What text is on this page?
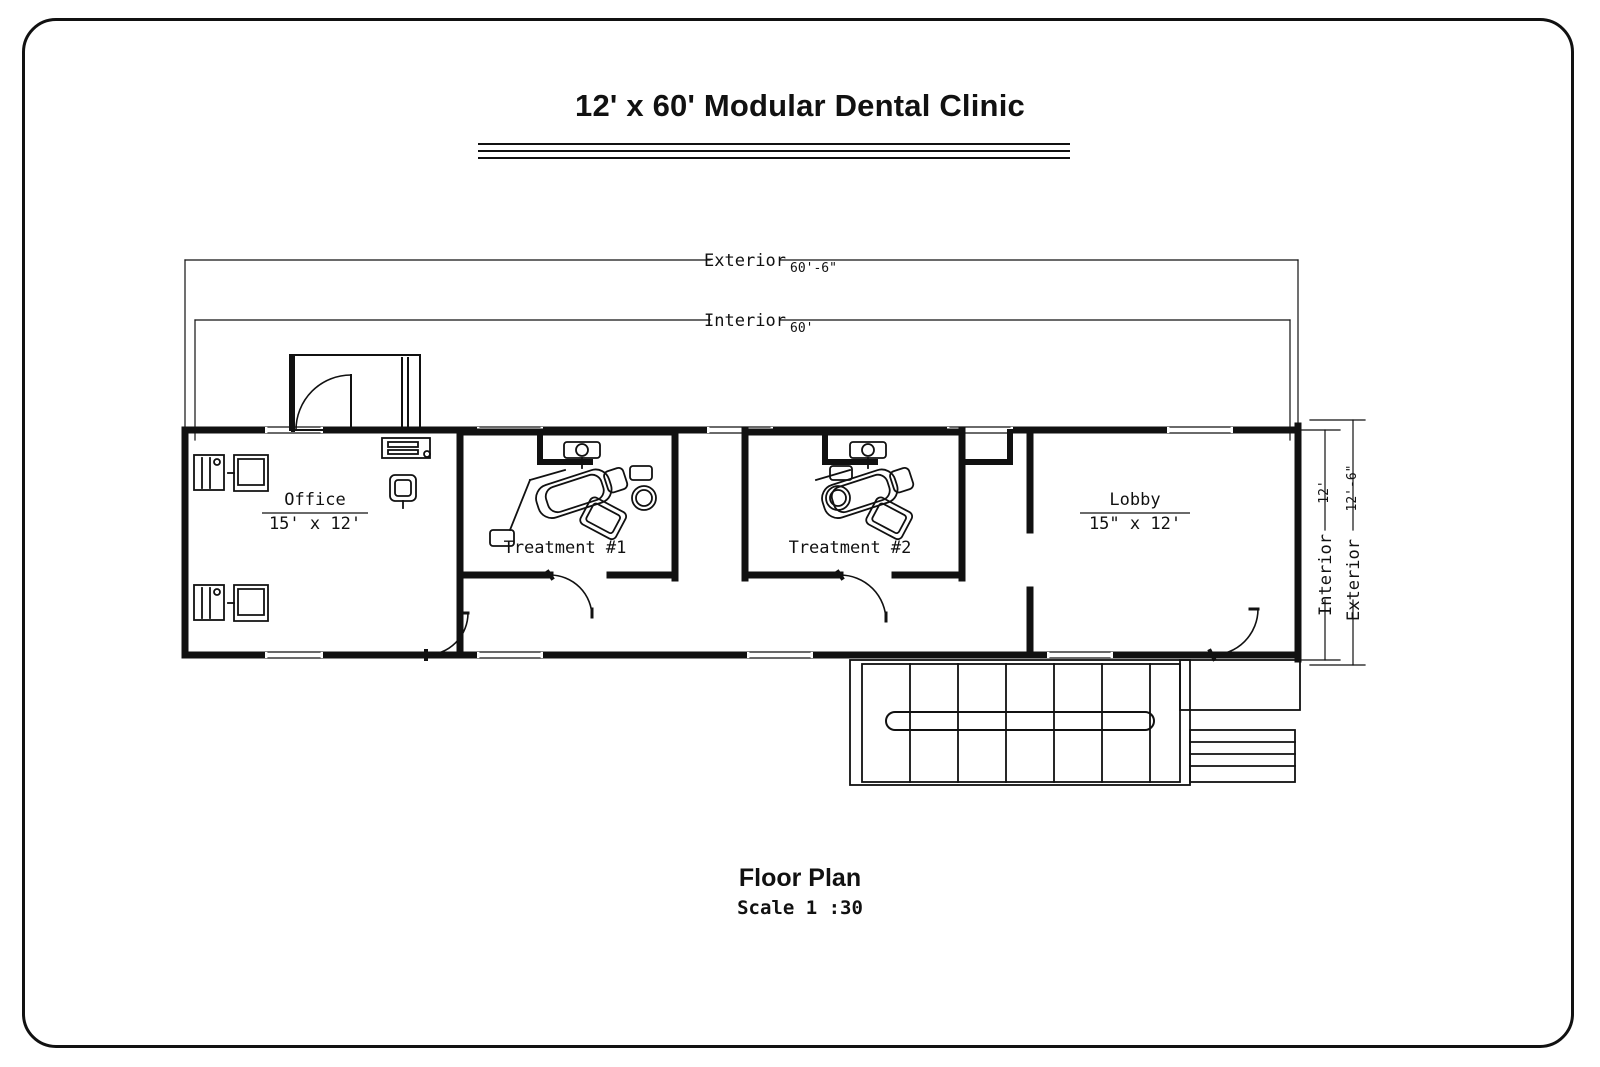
12' x 60' Modular Dental Clinic
Exterior 60'-6"
Interior 60'
Interior
12'
Exterior
12'-6"
Office
15' x 12'
Treatment #1	Treatment #2
Lobby
15" x 12'
Floor Plan
Scale 1 :30
